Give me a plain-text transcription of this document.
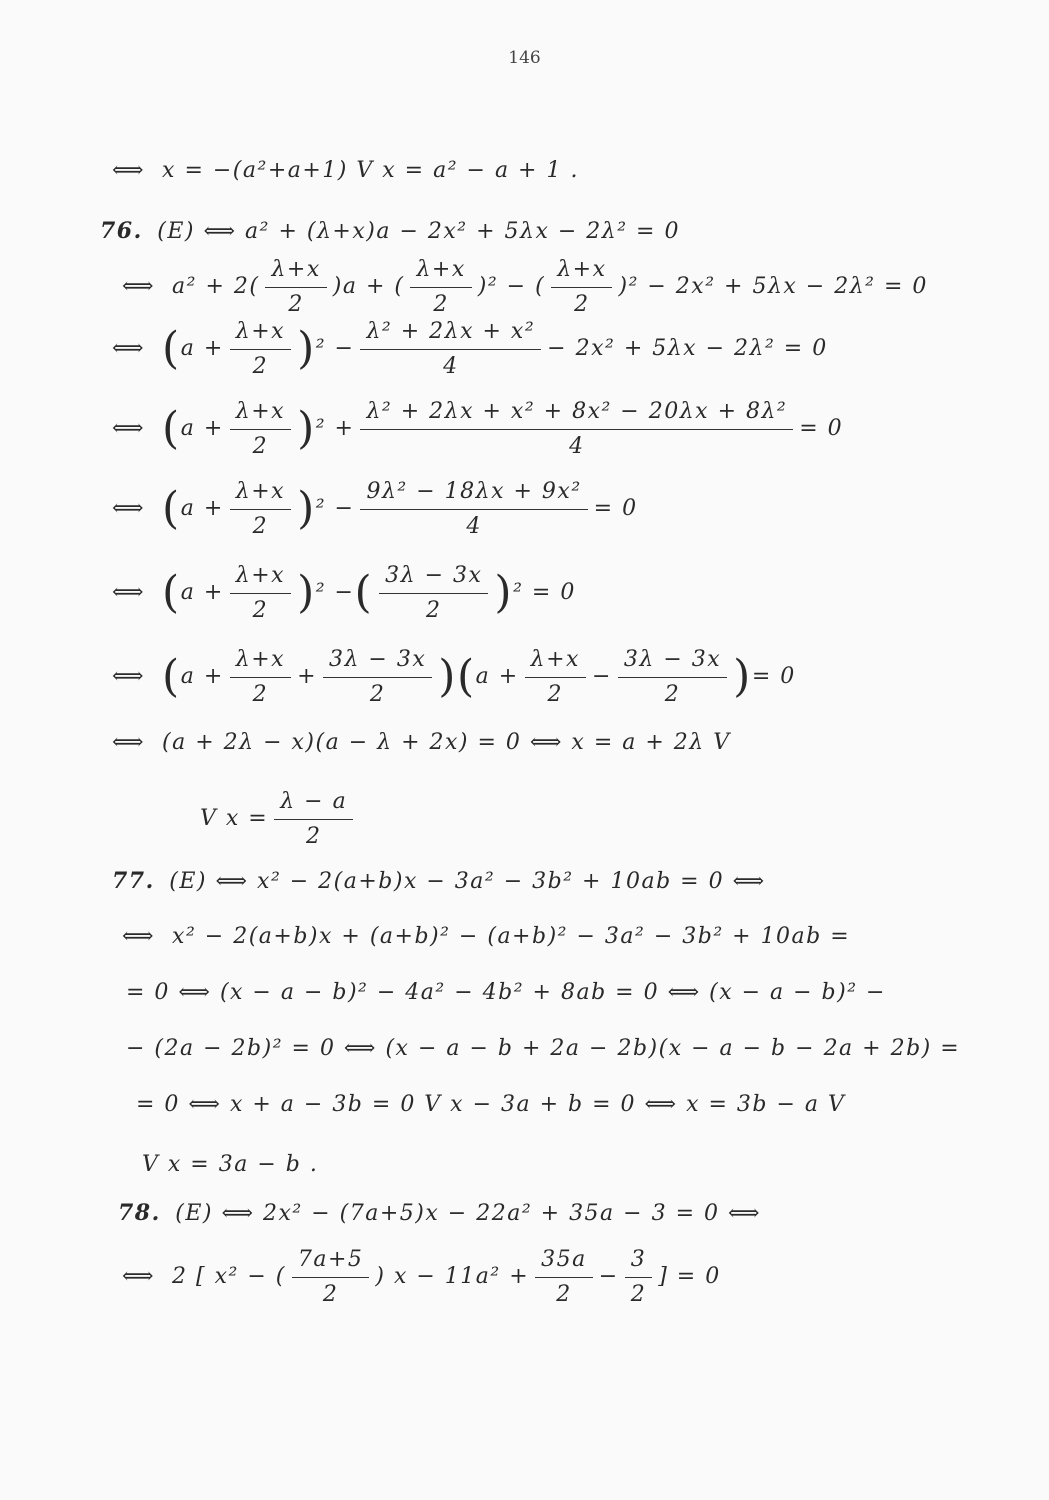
146
⟺ x = −(a²+a+1) V x = a² − a + 1 .
76. (E) ⟺ a² + (λ+x)a − 2x² + 5λx − 2λ² = 0
⟺ $a^2 + 2( \frac{\lambda+x}{2} )a$ + ( $\frac{\lambda+x}{2} )^2$ − ( $\frac{\lambda+x}{2} )^2 - 2x^2 + 5\lambda x - 2\lambda^2 = 0$
⟺ $(a + \frac{\lambda+x}{2} )^2 - \frac{\text{λ² + 2λx + x²}}{4} - 2x^2 + 5\lambda x - 2\lambda^2 = 0$
⟺ $(a + \frac{\lambda+x}{2} )^2 + \frac{\text{λ² + 2λx + x² + 8x² − 20λx + 8λ²}}{4} = 0$
⟺ $(a + \frac{\lambda+x}{2} )^2 - \frac{\text{9λ² − 18λx + 9x²}}{4} = 0$
⟺ $(a + \frac{\lambda+x}{2} )^2$ −( $\frac{3\lambda - 3x}{2} )^2 = 0$
⟺ $(a + \frac{\lambda+x}{2} + \frac{3\lambda - 3x}{2} )(a + \frac{\lambda+x}{2} - \frac{3\lambda - 3x}{2}$ )= 0
⟺ (a + 2λ − x)(a − λ + 2x) = 0 ⟺ x = a + 2λ V
V $x = \frac{\lambda - a}{2}$
77. (E) ⟺ x² − 2(a+b)x − 3a² − 3b² + 10ab = 0 ⟺
⟺ x² − 2(a+b)x + (a+b)² − (a+b)² − 3a² − 3b² + 10ab =
= 0 ⟺ (x − a − b)² − 4a² − 4b² + 8ab = 0 ⟺ (x − a − b)² −
− (2a − 2b)² = 0 ⟺ (x − a − b + 2a − 2b)(x − a − b − 2a + 2b) =
= 0 ⟺ x + a − 3b = 0 V x − 3a + b = 0 ⟺ x = 3b − a V
V x = 3a − b .
78. (E) ⟺ 2x² − (7a+5)x − 22a² + 35a − 3 = 0 ⟺
⟺ 2 [ x² − ( $\frac{7a+5}{2}$ ) $x - 11a^2 + \frac{35a}{2} - \frac{3}{2}$ ] = 0
